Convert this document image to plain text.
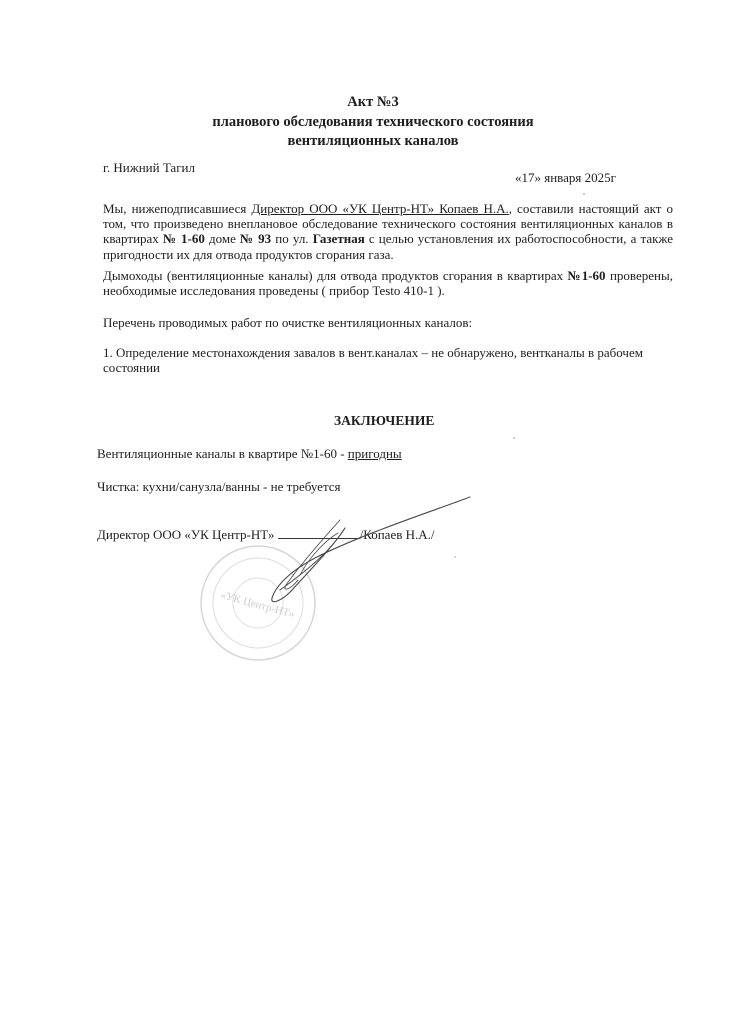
Акт №3
планового обследования технического состояния
вентиляционных каналов
г. Нижний Тагил
«17» января 2025г
Мы, нижеподписавшиеся Директор ООО «УК Центр-НТ» Копаев Н.А., составили настоящий акт о том, что произведено внеплановое обследование технического состояния вентиляционных каналов в квартирах № 1-60 доме № 93 по ул. Газетная с целью установления их работоспособности, а также пригодности их для отвода продуктов сгорания газа.
Дымоходы (вентиляционные каналы) для отвода продуктов сгорания в квартирах №1-60 проверены, необходимые исследования проведены ( прибор Testo 410-1 ).
Перечень проводимых работ по очистке вентиляционных каналов:
1. Определение местонахождения завалов в вент.каналах – не обнаружено, вентканалы в рабочем состоянии
ЗАКЛЮЧЕНИЕ
Вентиляционные каналы в квартире №1-60 - пригодны
Чистка: кухни/санузла/ванны - не требуется
Директор ООО «УК Центр-НТ»	/Копаев Н.А./
«УК Центр-НТ»
